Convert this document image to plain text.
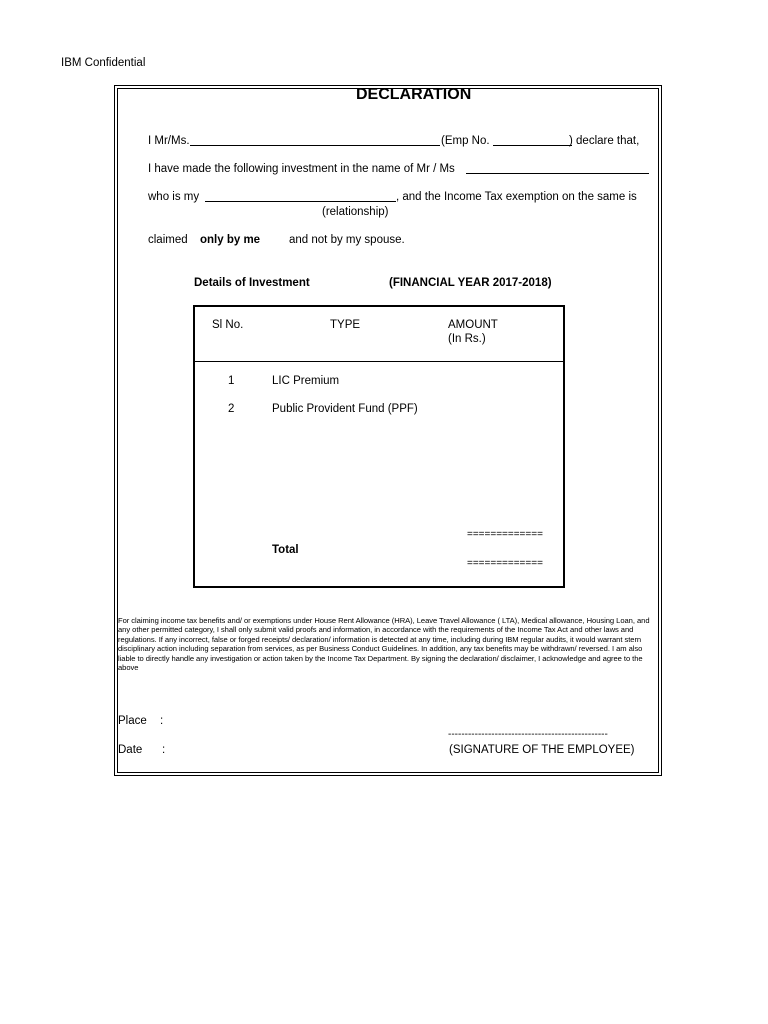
IBM Confidential
DECLARATION
I Mr/Ms.	(Emp No.	) declare that,
I have made the following investment in the name of Mr / Ms
who is my	, and the Income Tax exemption on the same is
(relationship)
claimed only by me	and not by my spouse.
Details of Investment	(FINANCIAL YEAR 2017-2018)
Sl No.	TYPE	AMOUNT
(In Rs.)
1	LIC Premium
2	Public Provident Fund (PPF)
=============
Total
=============
For claiming income tax benefits and/ or exemptions under House Rent Allowance (HRA), Leave Travel Allowance ( LTA), Medical allowance, Housing Loan, and any other permitted category, I shall only submit valid proofs and information, in accordance with the requirements of the Income Tax Act and other laws and regulations. If any incorrect, false or forged receipts/ declaration/ information is detected at any time, including during IBM regular audits, it would warrant stern disciplinary action including separation from services, as per Business Conduct Guidelines. In addition, any tax benefits may be withdrawn/ reversed. I am also liable to directly handle any investigation or action taken by the Income Tax Department. By signing the declaration/ disclaimer, I acknowledge and agree to the above
Place :
Date :
------------------------------------------------
(SIGNATURE OF THE EMPLOYEE)
